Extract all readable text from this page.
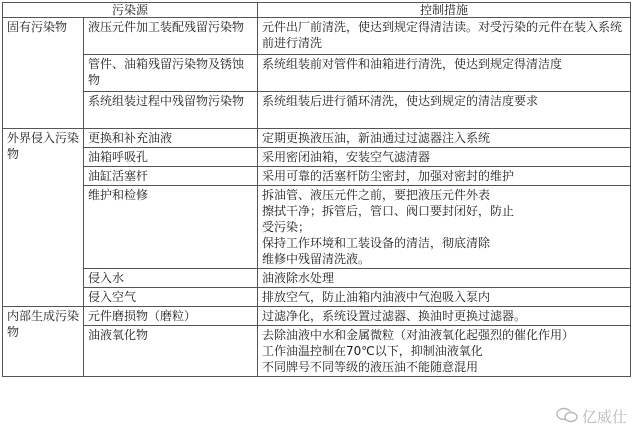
污染源		控制措施
固有污染物	液压元件加工装配残留污染物	元件出厂前清洗，使达到规定得清洁读。对受污染的元件在装入系统前进行清洗
	管件、油箱残留污染物及锈蚀物	系统组装前对管件和油箱进行清洗，使达到规定得清洁度
	系统组装过程中残留物污染物	系统组装后进行循环清洗，使达到规定的清洁度要求
外界侵入污染物	更换和补充油液	定期更换液压油，新油通过过滤器注入系统
	油箱呼吸孔	采用密闭油箱，安装空气滤清器
	油缸活塞杆	采用可靠的活塞杆防尘密封，加强对密封的维护
	维护和检修	拆油管、液压元件之前，要把液压元件外表
擦拭干净；拆管后，管口、阀口要封闭好，防止
受污染；
保持工作环境和工装设备的清洁，彻底清除
维修中残留清洗液。
	侵入水	油液除水处理
	侵入空气	排放空气，防止油箱内油液中气泡吸入泵内
内部生成污染物	元件磨损物（磨粒）	过滤净化，系统设置过滤器、换油时更换过滤器。
	油液氧化物	去除油液中水和金属微粒（对油液氧化起强烈的催化作用）
工作油温控制在70℃以下，抑制油液氧化
不同牌号不同等级的液压油不能随意混用
亿威仕
